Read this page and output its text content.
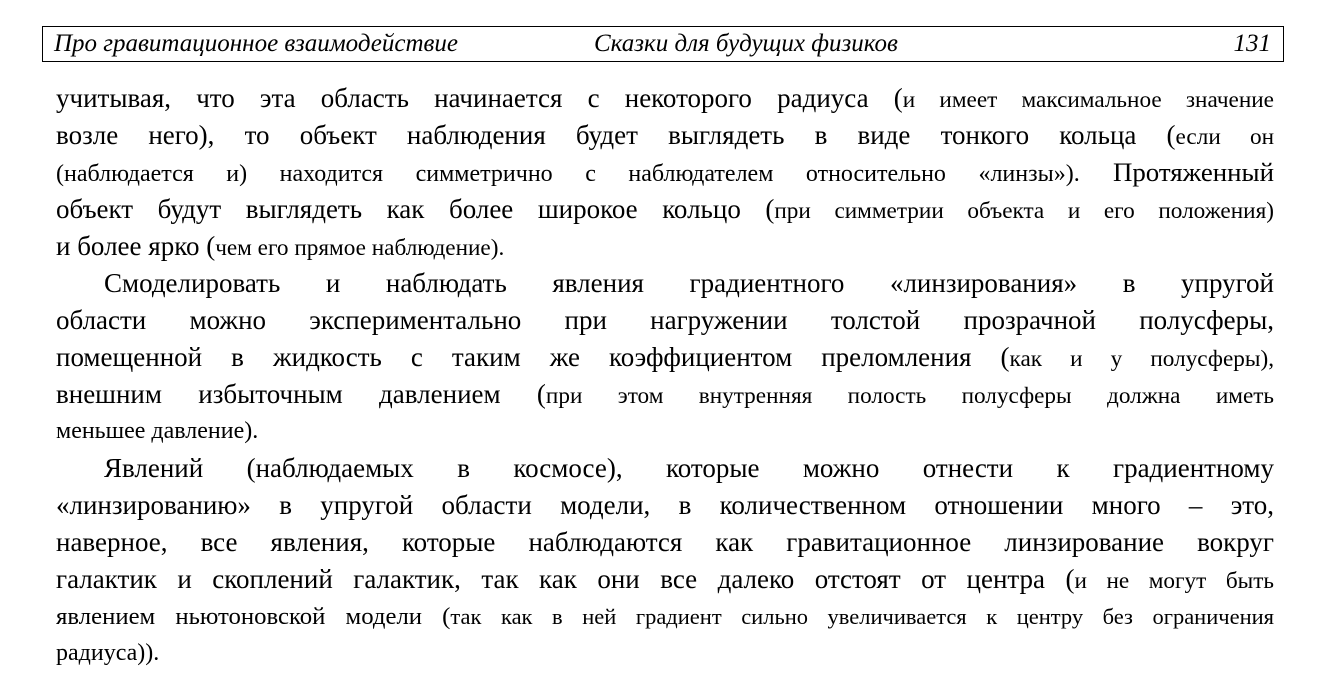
Про гравитационное взаимодействие	Сказки для будущих физиков	131
учитывая, что эта область начинается с некоторого радиуса (и имеет максимальное значение
возле него), то объект наблюдения будет выглядеть в виде тонкого кольца (если он
(наблюдается и) находится симметрично с наблюдателем относительно «линзы»). Протяженный
объект будут выглядеть как более широкое кольцо (при симметрии объекта и его положения)
и более ярко (чем его прямое наблюдение).
Смоделировать и наблюдать явления градиентного «линзирования» в упругой
области можно экспериментально при нагружении толстой прозрачной полусферы,
помещенной в жидкость с таким же коэффициентом преломления (как и у полусферы),
внешним избыточным давлением (при этом внутренняя полость полусферы должна иметь
меньшее давление).
Явлений (наблюдаемых в космосе), которые можно отнести к градиентному
«линзированию» в упругой области модели, в количественном отношении много – это,
наверное, все явления, которые наблюдаются как гравитационное линзирование вокруг
галактик и скоплений галактик, так как они все далеко отстоят от центра (и не могут быть
явлением ньютоновской модели (так как в ней градиент сильно увеличивается к центру без ограничения
радиуса)).
